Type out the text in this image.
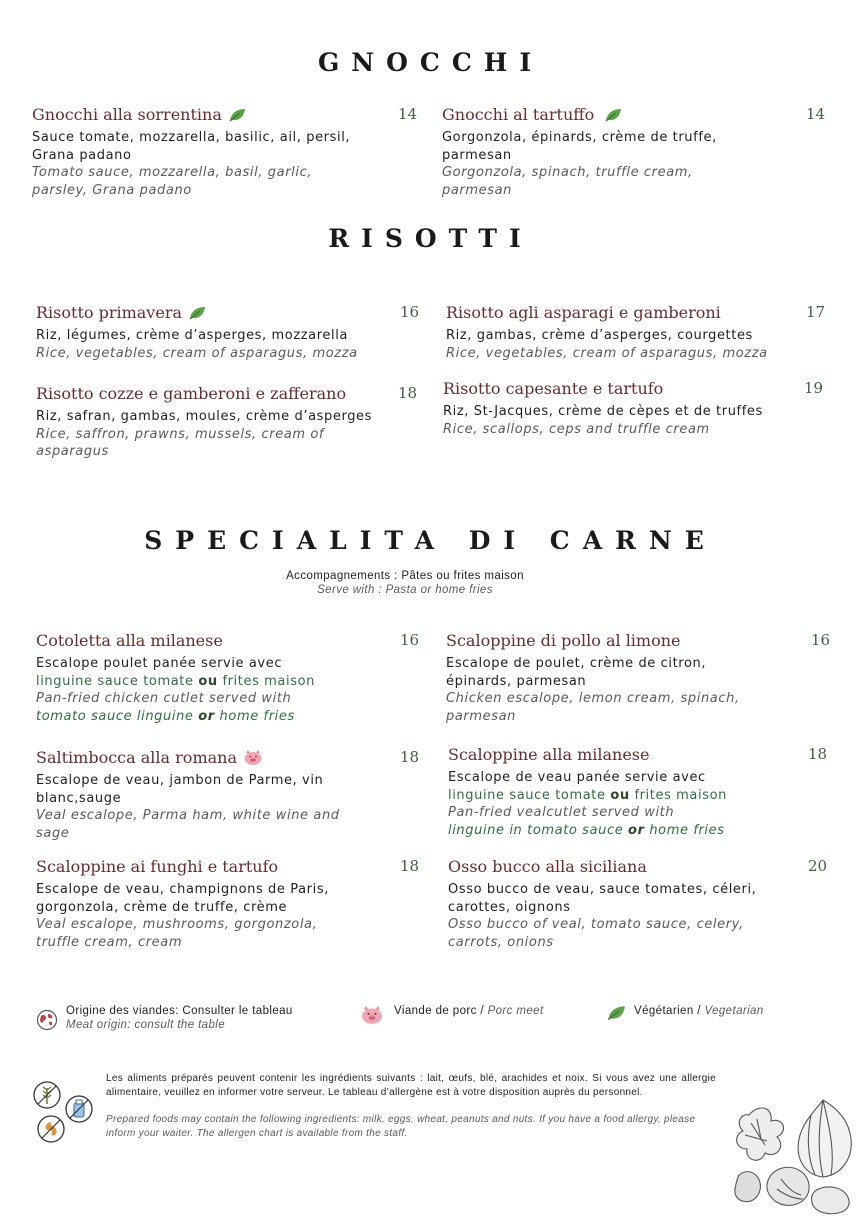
GNOCCHI
Gnocchi alla sorrentina	14
Sauce tomate, mozzarella, basilic, ail, persil, Grana padano
Tomato sauce, mozzarella, basil, garlic, parsley, Grana padano
Gnocchi al tartuffo	14
Gorgonzola, épinards, crème de truffe, parmesan
Gorgonzola, spinach, truffle cream, parmesan
RISOTTI
Risotto primavera	16
Riz, légumes, crème d’asperges, mozzarella
Rice, vegetables, cream of asparagus, mozza
Risotto agli asparagi e gamberoni	17
Riz, gambas, crème d’asperges, courgettes
Rice, vegetables, cream of asparagus, mozza
Risotto cozze e gamberoni e zafferano	18
Riz, safran, gambas, moules, crème d’asperges
Rice, saffron, prawns, mussels, cream of asparagus
Risotto capesante e tartufo	19
Riz, St-Jacques, crème de cèpes et de truffes
Rice, scallops, ceps and truffle cream
SPECIALITA DI CARNE
Accompagnements : Pâtes ou frites maison
Serve with : Pasta or home fries
Cotoletta alla milanese	16
Escalope poulet panée servie avec
linguine sauce tomate ou frites maison
Pan-fried chicken cutlet served with
tomato sauce linguine or home fries
Scaloppine di pollo al limone	16
Escalope de poulet, crème de citron, épinards, parmesan
Chicken escalope, lemon cream, spinach, parmesan
Saltimbocca alla romana	18
Escalope de veau, jambon de Parme, vin blanc,sauge
Veal escalope, Parma ham, white wine and sage
Scaloppine alla milanese	18
Escalope de veau panée servie avec
linguine sauce tomate ou frites maison
Pan-fried vealcutlet served with
linguine in tomato sauce or home fries
Scaloppine ai funghi e tartufo	18
Escalope de veau, champignons de Paris, gorgonzola, crème de truffe, crème
Veal escalope, mushrooms, gorgonzola, truffle cream, cream
Osso bucco alla siciliana	20
Osso bucco de veau, sauce tomates, céleri, carottes, oignons
Osso bucco of veal, tomato sauce, celery, carrots, onions
Origine des viandes: Consulter le tableau
Meat origin: consult the table
Viande de porc / Porc meet	Végétarien / Vegetarian
Les aliments préparés peuvent contenir les ingrédients suivants : lait, œufs, blé, arachides et noix. Si vous avez une allergie alimentaire, veuillez en informer votre serveur. Le tableau d’allergène est à votre disposition auprès du personnel.
Prepared foods may contain the following ingredients: milk, eggs, wheat, peanuts and nuts. If you have a food allergy, please inform your waiter. The allergen chart is available from the staff.
